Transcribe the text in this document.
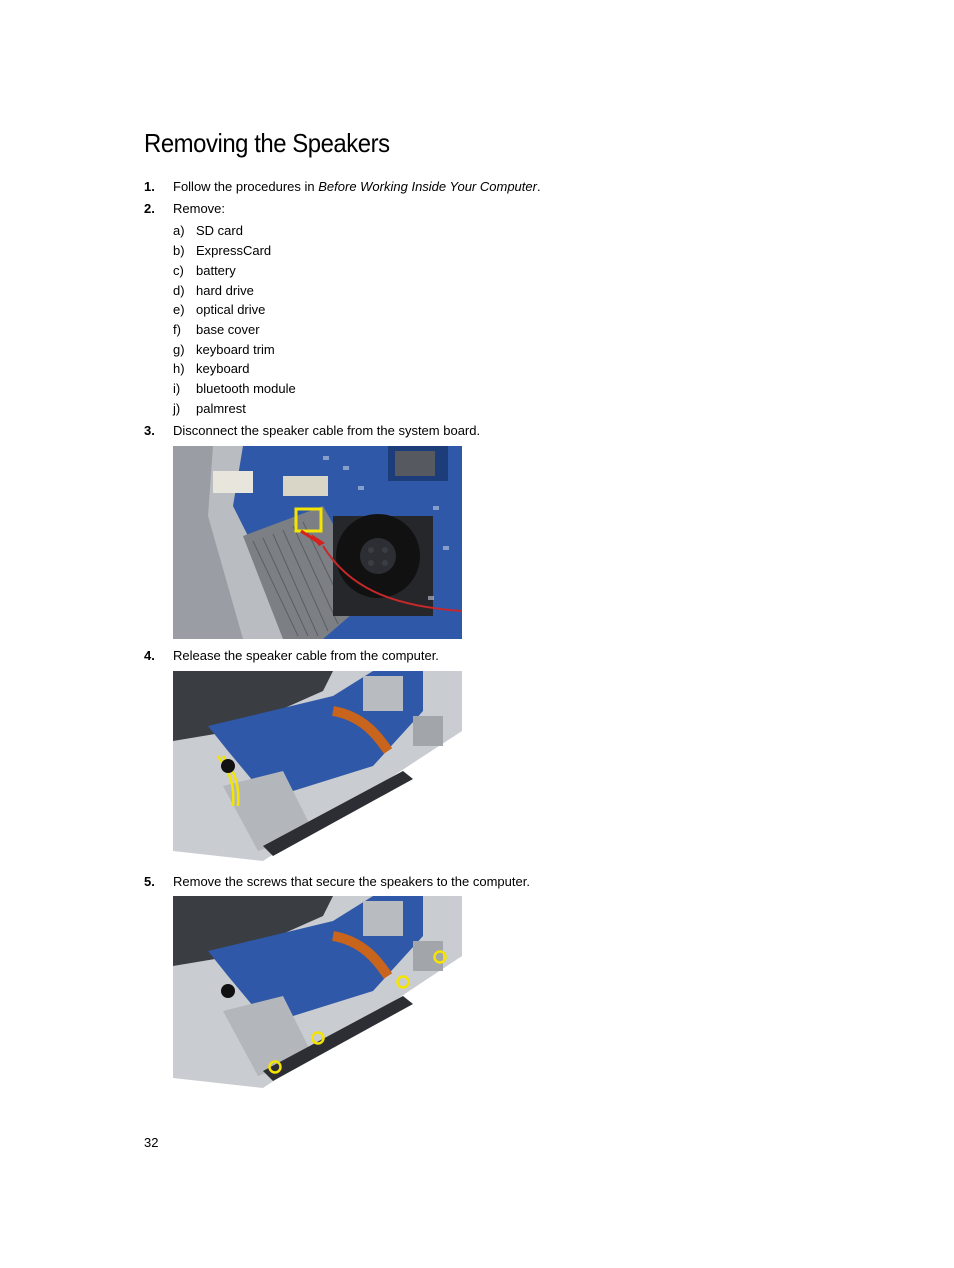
Removing the Speakers
1. Follow the procedures in Before Working Inside Your Computer.
2. Remove:
a) SD card
b) ExpressCard
c) battery
d) hard drive
e) optical drive
f) base cover
g) keyboard trim
h) keyboard
i) bluetooth module
j) palmrest
3. Disconnect the speaker cable from the system board.
4. Release the speaker cable from the computer.
5. Remove the screws that secure the speakers to the computer.
32
